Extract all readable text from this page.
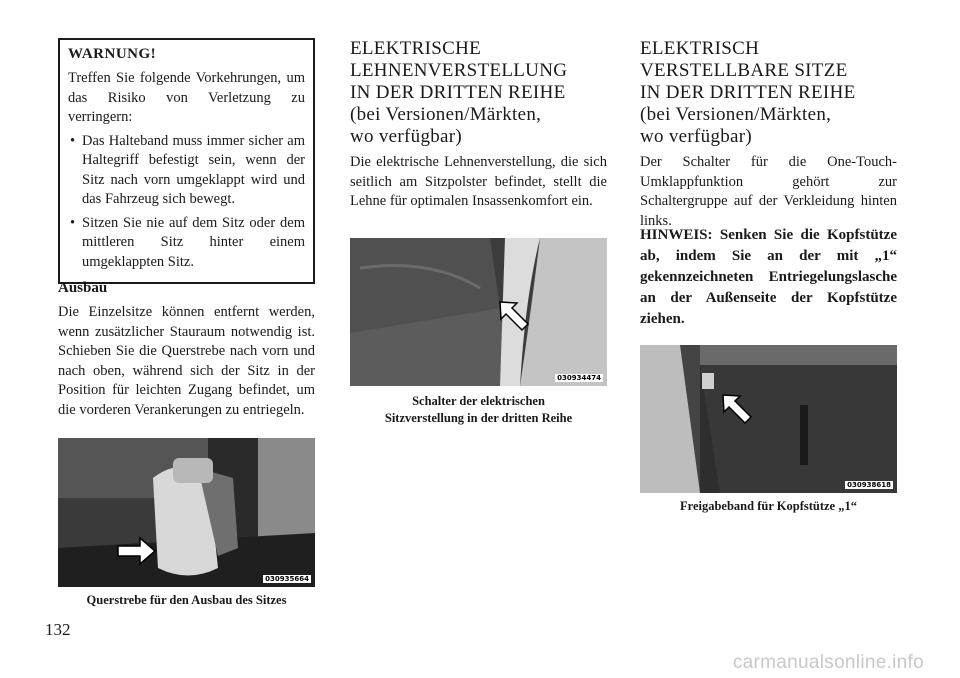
WARNUNG!

Treffen Sie folgende Vorkehrungen, um das Risiko von Verletzung zu verringern:

• Das Halteband muss immer sicher am Haltegriff befestigt sein, wenn der Sitz nach vorn umgeklappt wird und das Fahrzeug sich bewegt.
• Sitzen Sie nie auf dem Sitz oder dem mittleren Sitz hinter einem umgeklappten Sitz.
Ausbau
Die Einzelsitze können entfernt werden, wenn zusätzlicher Stauraum notwendig ist. Schieben Sie die Querstrebe nach vorn und nach oben, während sich der Sitz in der Position für leichten Zugang befindet, um die vorderen Verankerungen zu entriegeln.
030935664
Querstrebe für den Ausbau des Sitzes
ELEKTRISCHE
LEHNENVERSTELLUNG
IN DER DRITTEN REIHE
(bei Versionen/Märkten,
wo verfügbar)
Die elektrische Lehnenverstellung, die sich seitlich am Sitzpolster befindet, stellt die Lehne für optimalen Insassenkomfort ein.
030934474
Schalter der elektrischen
Sitzverstellung in der dritten Reihe
ELEKTRISCH
VERSTELLBARE SITZE
IN DER DRITTEN REIHE
(bei Versionen/Märkten,
wo verfügbar)
Der Schalter für die One-Touch-Umklappfunktion gehört zur Schaltergruppe auf der Verkleidung hinten links.
HINWEIS: Senken Sie die Kopfstütze ab, indem Sie an der mit „1“ gekennzeichneten Entriegelungslasche an der Außenseite der Kopfstütze ziehen.
030938618
Freigabeband für Kopfstütze „1“
132
carmanualsonline.info
